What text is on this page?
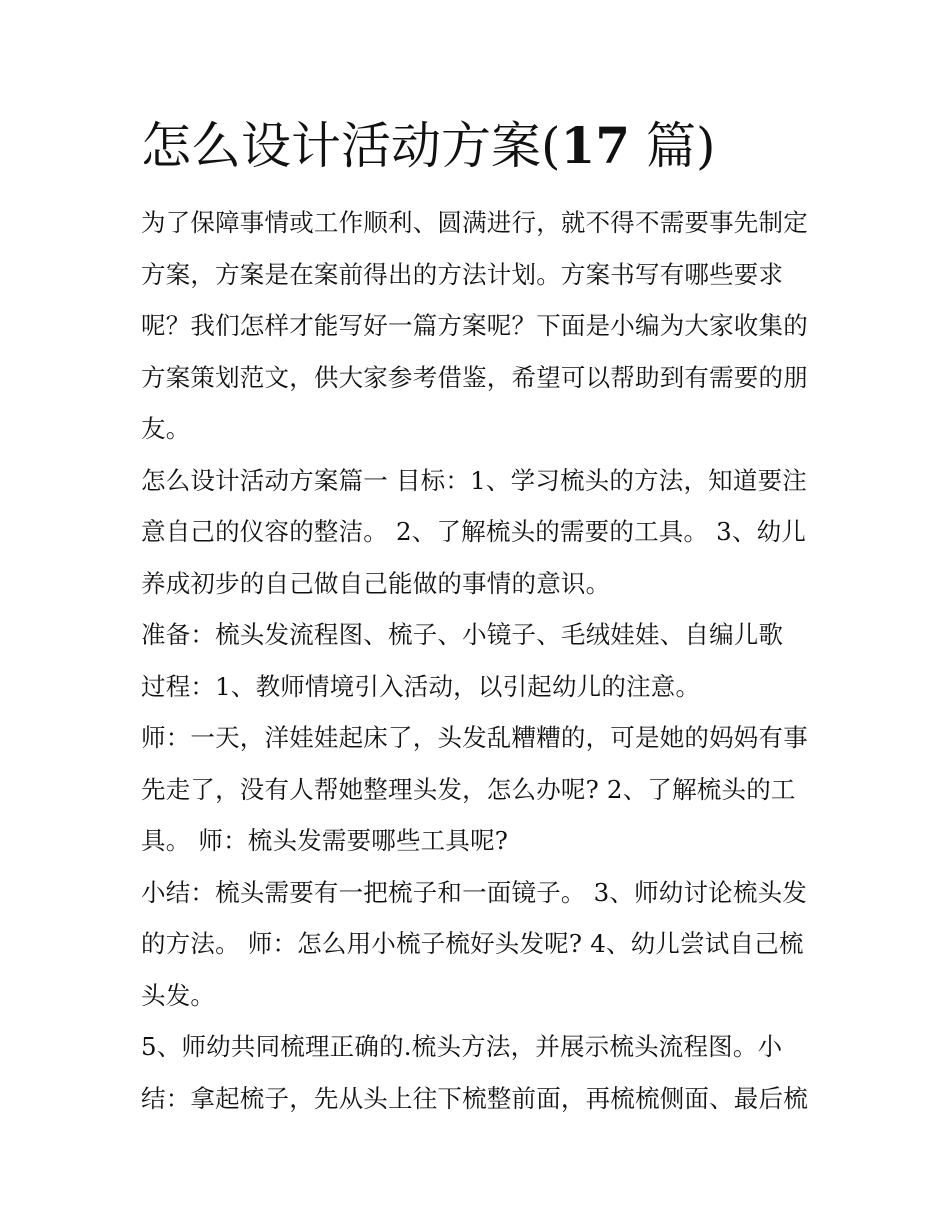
怎么设计活动方案(17 篇)

为了保障事情或工作顺利、圆满进行，就不得不需要事先制定方案，方案是在案前得出的方法计划。方案书写有哪些要求呢？我们怎样才能写好一篇方案呢？下面是小编为大家收集的方案策划范文，供大家参考借鉴，希望可以帮助到有需要的朋友。

怎么设计活动方案篇一 目标：1、学习梳头的方法，知道要注意自己的仪容的整洁。 2、了解梳头的需要的工具。 3、幼儿养成初步的自己做自己能做的事情的意识。

准备：梳头发流程图、梳子、小镜子、毛绒娃娃、自编儿歌

过程：1、教师情境引入活动，以引起幼儿的注意。

师：一天，洋娃娃起床了，头发乱糟糟的，可是她的妈妈有事先走了，没有人帮她整理头发，怎么办呢? 2、了解梳头的工具。 师：梳头发需要哪些工具呢?

小结：梳头需要有一把梳子和一面镜子。 3、师幼讨论梳头发的方法。 师：怎么用小梳子梳好头发呢? 4、幼儿尝试自己梳头发。

5、师幼共同梳理正确的.梳头方法，并展示梳头流程图。小结：拿起梳子，先从头上往下梳整前面，再梳梳侧面、最后梳
